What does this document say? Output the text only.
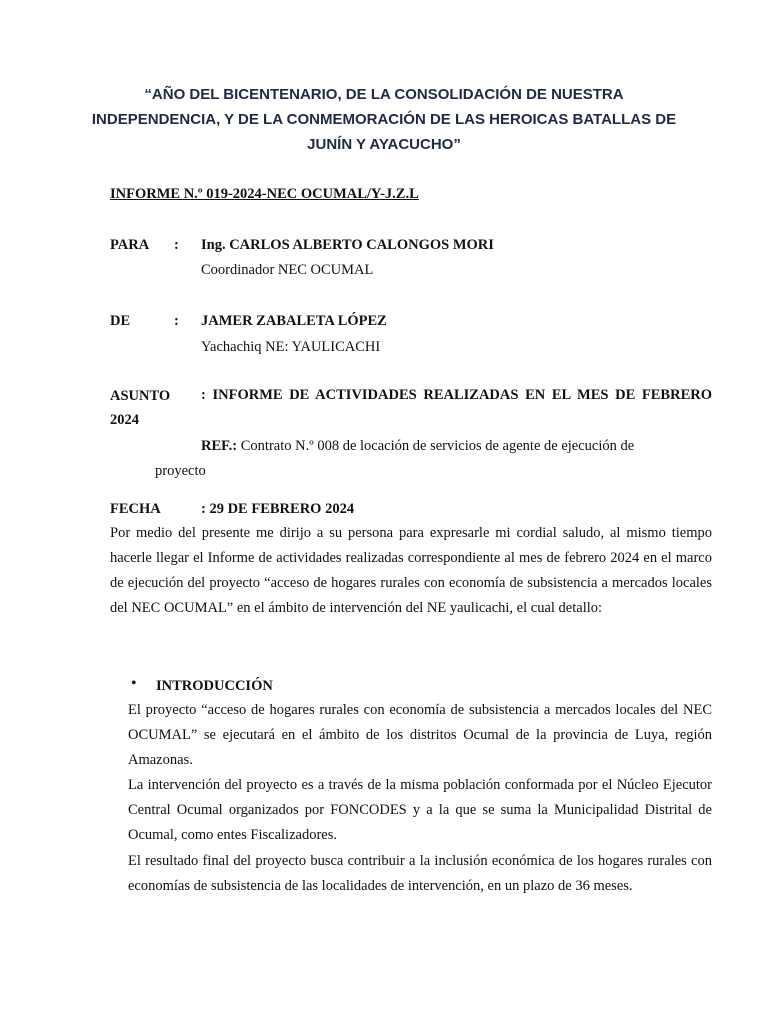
“AÑO DEL BICENTENARIO, DE LA CONSOLIDACIÓN DE NUESTRA INDEPENDENCIA, Y DE LA CONMEMORACIÓN DE LAS HEROICAS BATALLAS DE JUNÍN Y AYACUCHO”
INFORME N.º 019-2024-NEC OCUMAL/Y-J.Z.L
PARA : Ing. CARLOS ALBERTO CALONGOS MORI
Coordinador NEC OCUMAL
DE	: JAMER ZABALETA LÓPEZ
Yachachiq NE: YAULICACHI
ASUNTO	: INFORME DE ACTIVIDADES REALIZADAS EN EL MES DE FEBRERO 2024
REF.: Contrato N.º 008 de locación de servicios de agente de ejecución de
proyecto
FECHA	: 29 DE FEBRERO 2024
Por medio del presente me dirijo a su persona para expresarle mi cordial saludo, al mismo tiempo hacerle llegar el Informe de actividades realizadas correspondiente al mes de febrero 2024 en el marco de ejecución del proyecto “acceso de hogares rurales con economía de subsistencia a mercados locales del NEC OCUMAL” en el ámbito de intervención del NE yaulicachi, el cual detallo:
• INTRODUCCIÓN
El proyecto “acceso de hogares rurales con economía de subsistencia a mercados locales del NEC OCUMAL” se ejecutará en el ámbito de los distritos Ocumal de la provincia de Luya, región Amazonas.
La intervención del proyecto es a través de la misma población conformada por el Núcleo Ejecutor Central Ocumal organizados por FONCODES y a la que se suma la Municipalidad Distrital de Ocumal, como entes Fiscalizadores.
El resultado final del proyecto busca contribuir a la inclusión económica de los hogares rurales con economías de subsistencia de las localidades de intervención, en un plazo de 36 meses.
